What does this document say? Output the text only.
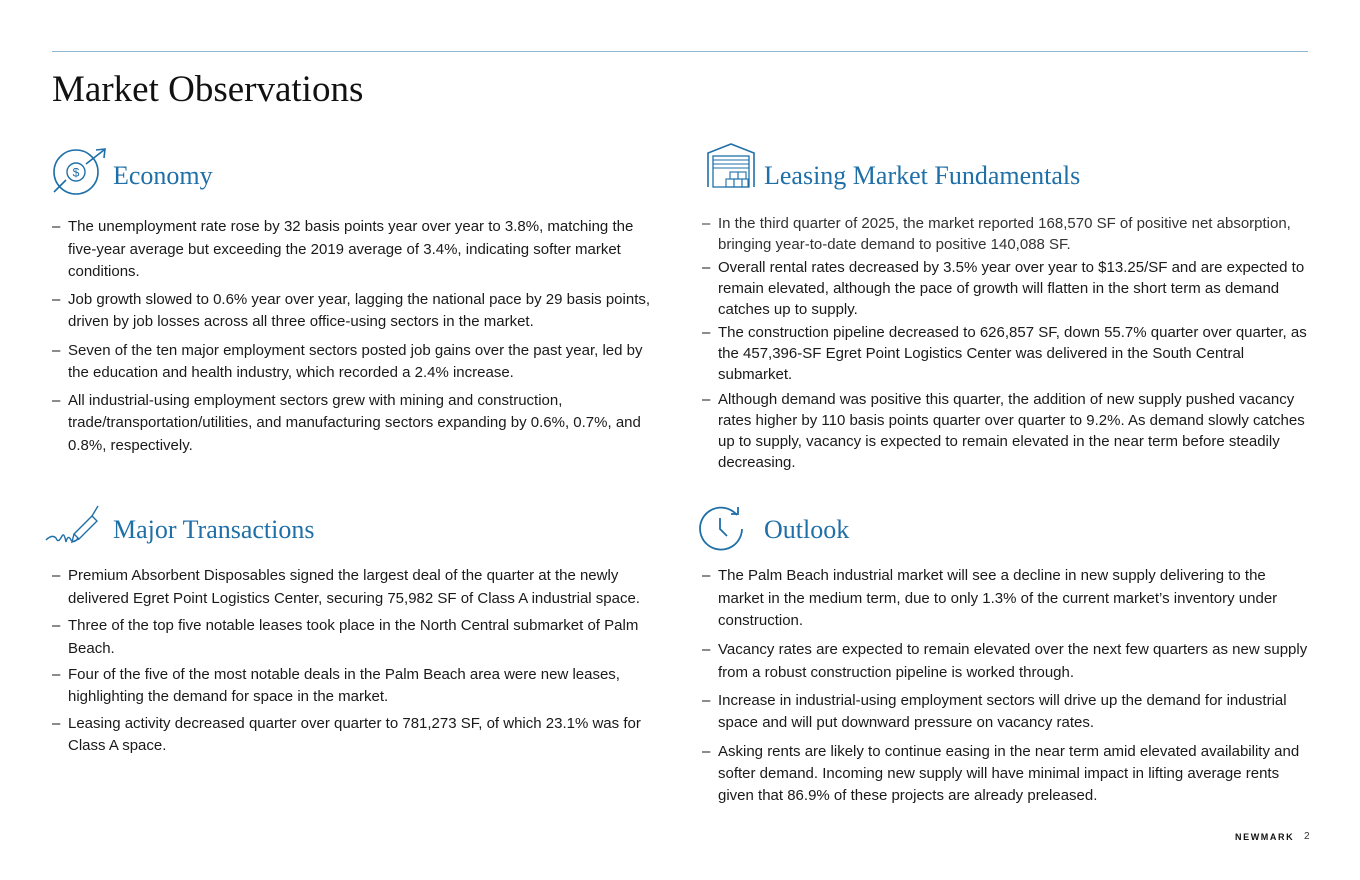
Market Observations
$ Economy
– The unemployment rate rose by 32 basis points year over year to 3.8%, matching the five-year average but exceeding the 2019 average of 3.4%, indicating softer market conditions.
– Job growth slowed to 0.6% year over year, lagging the national pace by 29 basis points, driven by job losses across all three office-using sectors in the market.
– Seven of the ten major employment sectors posted job gains over the past year, led by the education and health industry, which recorded a 2.4% increase.
– All industrial-using employment sectors grew with mining and construction, trade/transportation/utilities, and manufacturing sectors expanding by 0.6%, 0.7%, and 0.8%, respectively.
Leasing Market Fundamentals
– In the third quarter of 2025, the market reported 168,570 SF of positive net absorption, bringing year-to-date demand to positive 140,088 SF.
– Overall rental rates decreased by 3.5% year over year to $13.25/SF and are expected to remain elevated, although the pace of growth will flatten in the short term as demand catches up to supply.
– The construction pipeline decreased to 626,857 SF, down 55.7% quarter over quarter, as the 457,396-SF Egret Point Logistics Center was delivered in the South Central submarket.
– Although demand was positive this quarter, the addition of new supply pushed vacancy rates higher by 110 basis points quarter over quarter to 9.2%. As demand slowly catches up to supply, vacancy is expected to remain elevated in the near term before steadily decreasing.
Major Transactions
– Premium Absorbent Disposables signed the largest deal of the quarter at the newly delivered Egret Point Logistics Center, securing 75,982 SF of Class A industrial space.
– Three of the top five notable leases took place in the North Central submarket of Palm Beach.
– Four of the five of the most notable deals in the Palm Beach area were new leases, highlighting the demand for space in the market.
– Leasing activity decreased quarter over quarter to 781,273 SF, of which 23.1% was for Class A space.
Outlook
– The Palm Beach industrial market will see a decline in new supply delivering to the market in the medium term, due to only 1.3% of the current market’s inventory under construction.
– Vacancy rates are expected to remain elevated over the next few quarters as new supply from a robust construction pipeline is worked through.
– Increase in industrial-using employment sectors will drive up the demand for industrial space and will put downward pressure on vacancy rates.
– Asking rents are likely to continue easing in the near term amid elevated availability and softer demand. Incoming new supply will have minimal impact in lifting average rents given that 86.9% of these projects are already preleased.
NEWMARK 2
